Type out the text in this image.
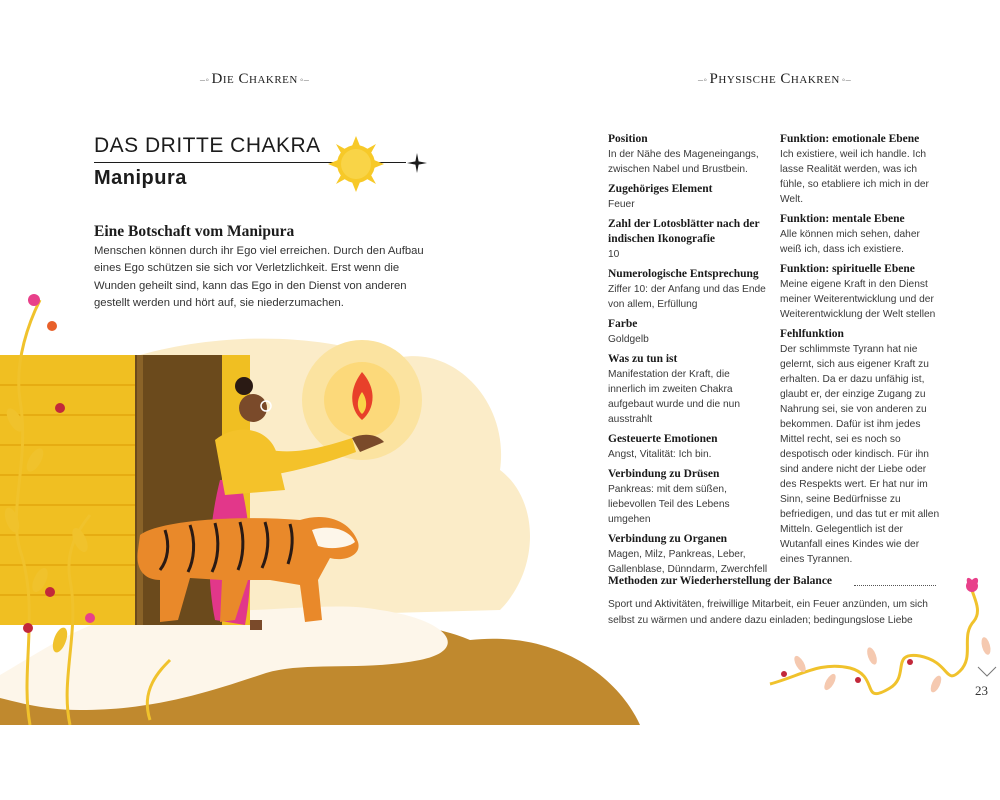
–◦ Die Chakren ◦–	–◦ Physische Chakren ◦–
DAS DRITTE CHAKRA
Manipura
Eine Botschaft vom Manipura
Menschen können durch ihr Ego viel erreichen. Durch den Aufbau eines Ego schützen sie sich vor Verletzlichkeit. Erst wenn die Wunden geheilt sind, kann das Ego in den Dienst von anderen gestellt werden und hört auf, sie niederzumachen.
Position
In der Nähe des Mageneingangs, zwischen Nabel und Brustbein.
Zugehöriges Element
Feuer
Zahl der Lotosblätter nach der indischen Ikonografie
10
Numerologische Entsprechung
Ziffer 10: der Anfang und das Ende von allem, Erfüllung
Farbe
Goldgelb
Was zu tun ist
Manifestation der Kraft, die innerlich im zweiten Chakra aufgebaut wurde und die nun ausstrahlt
Gesteuerte Emotionen
Angst, Vitalität: Ich bin.
Verbindung zu Drüsen
Pankreas: mit dem süßen, liebevollen Teil des Lebens umgehen
Verbindung zu Organen
Magen, Milz, Pankreas, Leber, Gallenblase, Dünndarm, Zwerchfell
Funktion: emotionale Ebene
Ich existiere, weil ich handle. Ich lasse Realität werden, was ich fühle, so etabliere ich mich in der Welt.
Funktion: mentale Ebene
Alle können mich sehen, daher weiß ich, dass ich existiere.
Funktion: spirituelle Ebene
Meine eigene Kraft in den Dienst meiner Weiterentwicklung und der Weiterentwicklung der Welt stellen
Fehlfunktion
Der schlimmste Tyrann hat nie gelernt, sich aus eigener Kraft zu erhalten. Da er dazu unfähig ist, glaubt er, der einzige Zugang zu Nahrung sei, sie von anderen zu bekommen. Dafür ist ihm jedes Mittel recht, sei es noch so despotisch oder kindisch. Für ihn sind andere nicht der Liebe oder des Respekts wert. Er hat nur im Sinn, seine Bedürfnisse zu befriedigen, und das tut er mit allen Mitteln. Gelegentlich ist der Wutanfall eines Kindes wie der eines Tyrannen.
Methoden zur Wiederherstellung der Balance
Sport und Aktivitäten, freiwillige Mitarbeit, ein Feuer anzünden, um sich selbst zu wärmen und andere dazu einladen; bedingungslose Liebe
23
